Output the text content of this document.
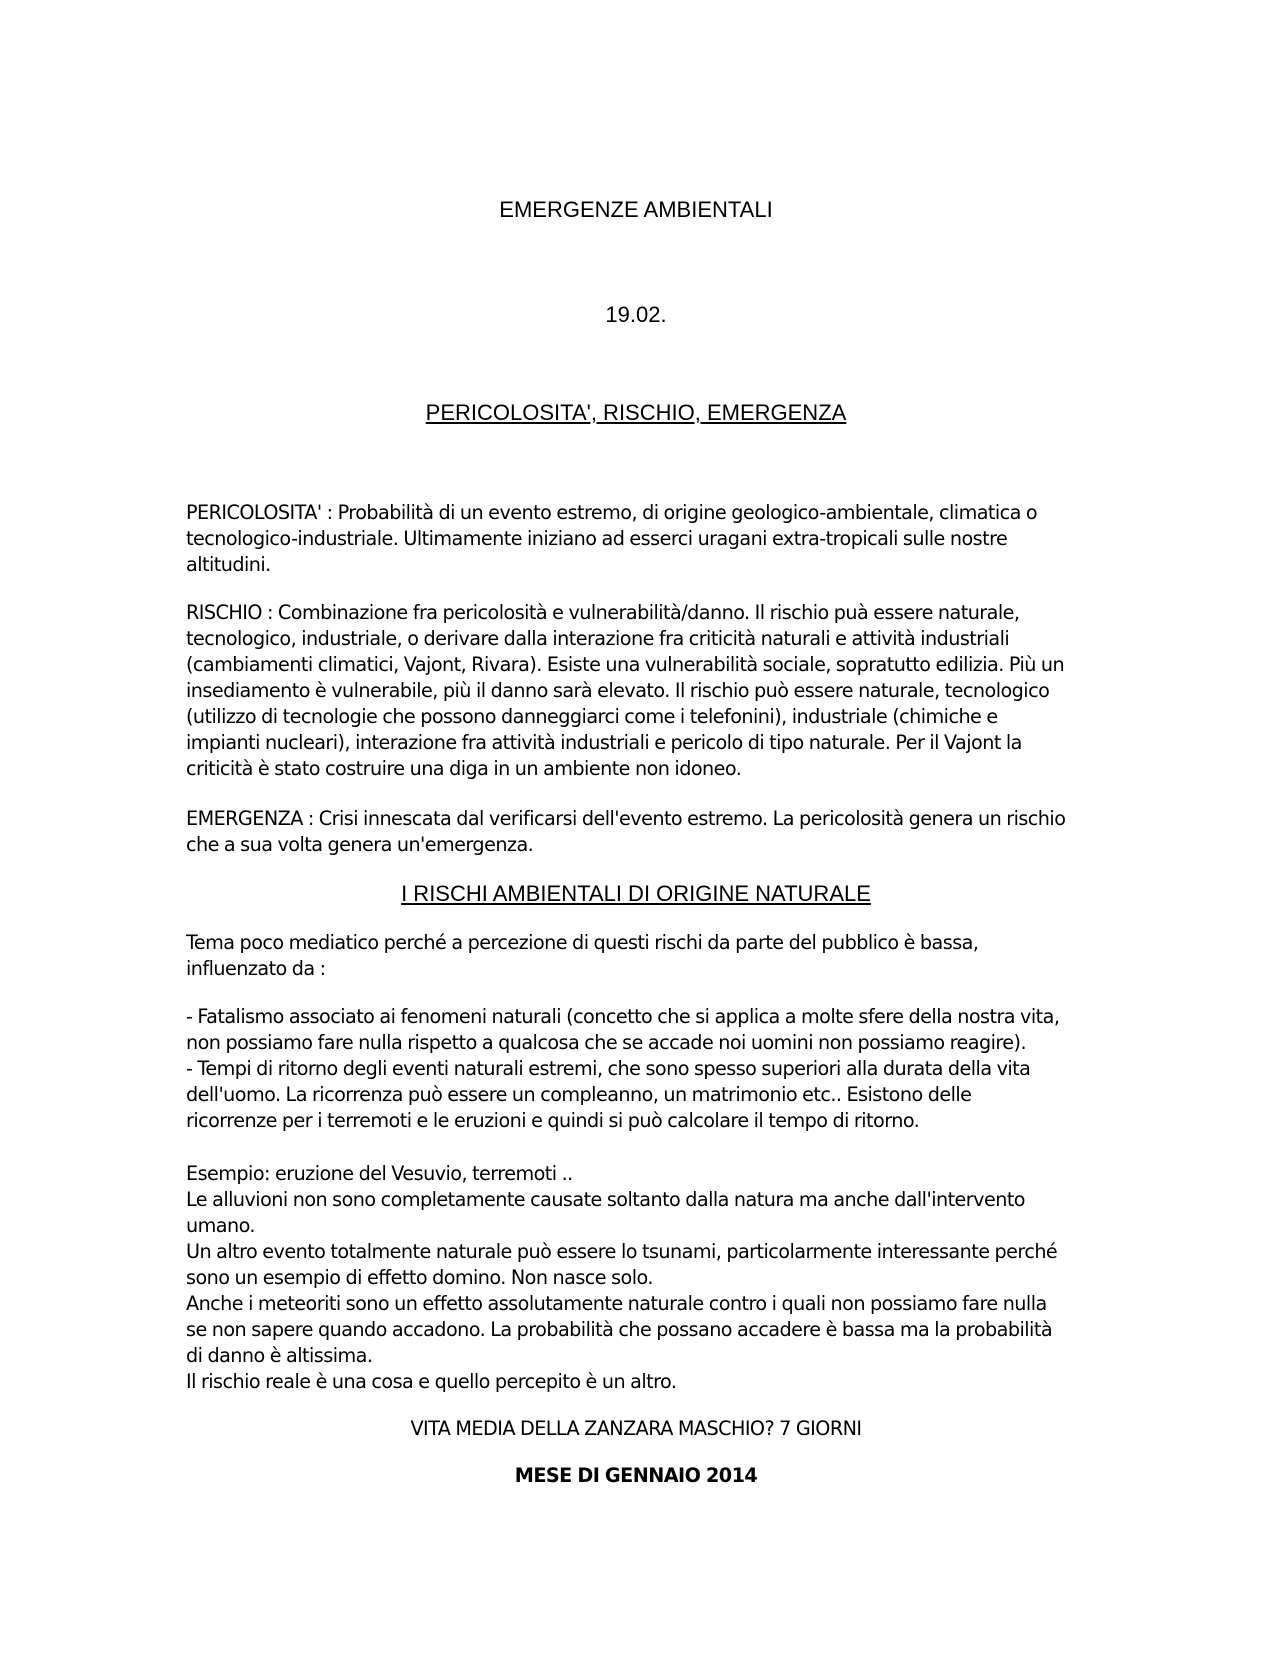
EMERGENZE AMBIENTALI
19.02.
PERICOLOSITA', RISCHIO, EMERGENZA

PERICOLOSITA' : Probabilità di un evento estremo, di origine geologico-ambientale, climatica o
tecnologico-industriale. Ultimamente iniziano ad esserci uragani extra-tropicali sulle nostre
altitudini.

RISCHIO : Combinazione fra pericolosità e vulnerabilità/danno. Il rischio puà essere naturale,
tecnologico, industriale, o derivare dalla interazione fra criticità naturali e attività industriali
(cambiamenti climatici, Vajont, Rivara). Esiste una vulnerabilità sociale, sopratutto edilizia. Più un
insediamento è vulnerabile, più il danno sarà elevato. Il rischio può essere naturale, tecnologico
(utilizzo di tecnologie che possono danneggiarci come i telefonini), industriale (chimiche e
impianti nucleari), interazione fra attività industriali e pericolo di tipo naturale. Per il Vajont la
criticità è stato costruire una diga in un ambiente non idoneo.

EMERGENZA : Crisi innescata dal verificarsi dell'evento estremo. La pericolosità genera un rischio
che a sua volta genera un'emergenza.

I RISCHI AMBIENTALI DI ORIGINE NATURALE

Tema poco mediatico perché a percezione di questi rischi da parte del pubblico è bassa,
influenzato da :

- Fatalismo associato ai fenomeni naturali (concetto che si applica a molte sfere della nostra vita,
non possiamo fare nulla rispetto a qualcosa che se accade noi uomini non possiamo reagire).
- Tempi di ritorno degli eventi naturali estremi, che sono spesso superiori alla durata della vita
dell'uomo. La ricorrenza può essere un compleanno, un matrimonio etc.. Esistono delle
ricorrenze per i terremoti e le eruzioni e quindi si può calcolare il tempo di ritorno.

Esempio: eruzione del Vesuvio, terremoti ..
Le alluvioni non sono completamente causate soltanto dalla natura ma anche dall'intervento
umano.
Un altro evento totalmente naturale può essere lo tsunami, particolarmente interessante perché
sono un esempio di effetto domino. Non nasce solo.
Anche i meteoriti sono un effetto assolutamente naturale contro i quali non possiamo fare nulla
se non sapere quando accadono. La probabilità che possano accadere è bassa ma la probabilità
di danno è altissima.
Il rischio reale è una cosa e quello percepito è un altro.

VITA MEDIA DELLA ZANZARA MASCHIO? 7 GIORNI

MESE DI GENNAIO 2014
